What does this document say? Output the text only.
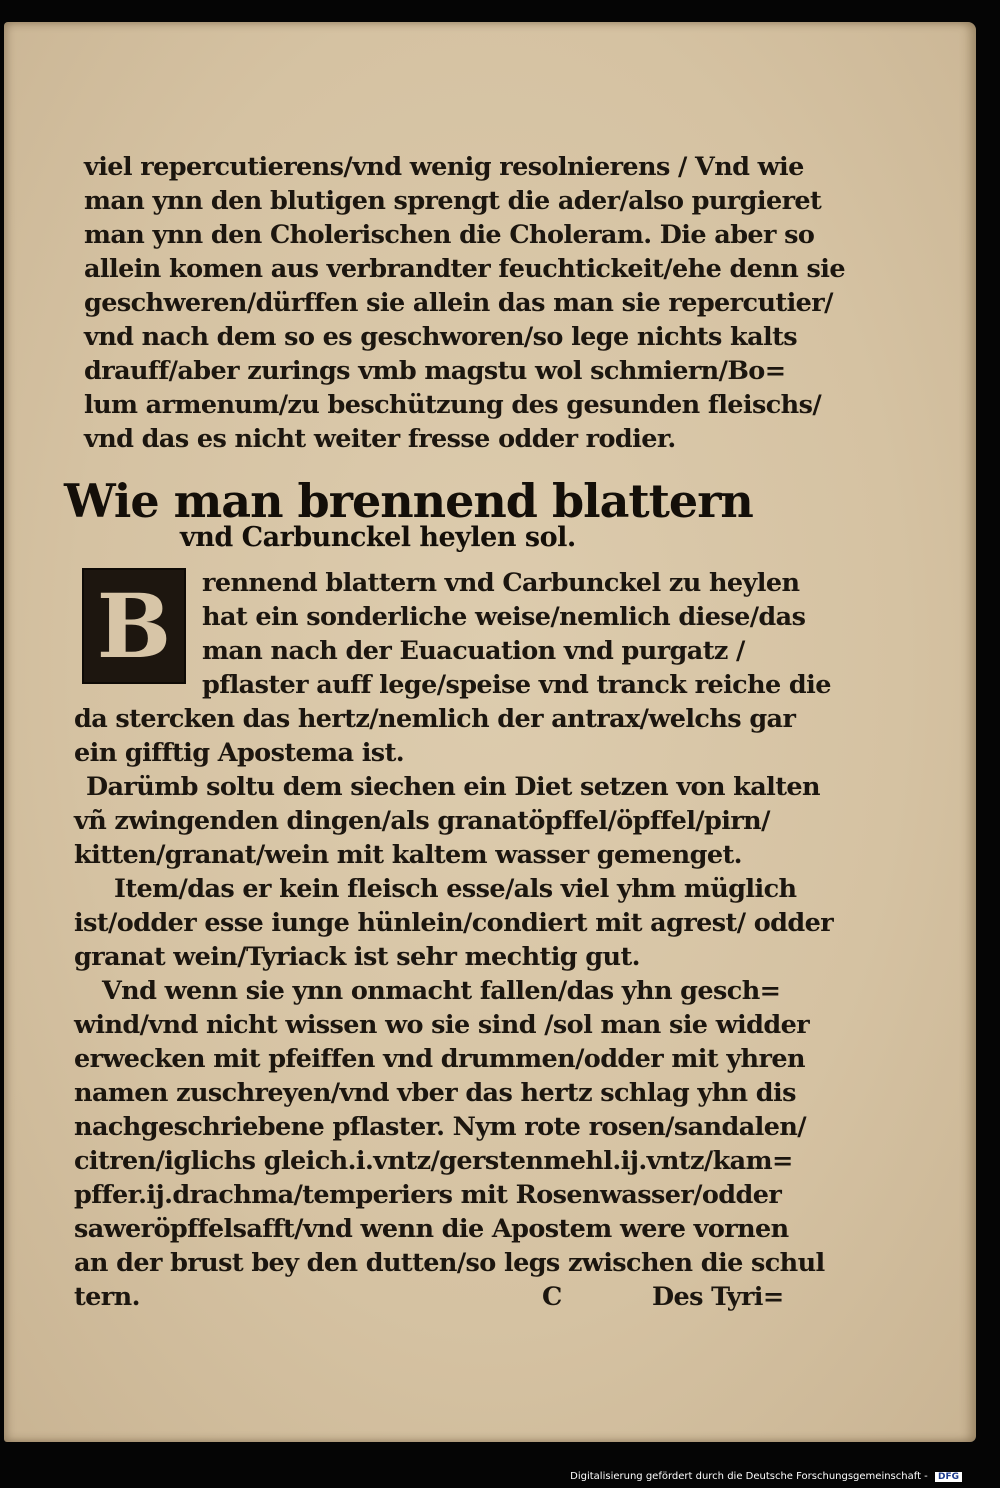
viel repercutierens/vnd wenig resolnierens / Vnd wie
man ynn den blutigen sprengt die ader/also purgieret
man ynn den Cholerischen die Choleram. Die aber so
allein komen aus verbrandter feuchtickeit/ehe denn sie
geschweren/dürffen sie allein das man sie repercutier/
vnd nach dem so es geschworen/so lege nichts kalts
drauff/aber zurings vmb magstu wol schmiern/Bo=
lum armenum/zu beschützung des gesunden fleischs/
vnd das es nicht weiter fresse odder rodier.
Wie man brennend blattern
vnd Carbunckel heylen sol.
B rennend blattern vnd Carbunckel zu heylen
hat ein sonderliche weise/nemlich diese/das
man nach der Euacuation vnd purgatz /
pflaster auff lege/speise vnd tranck reiche die
da stercken das hertz/nemlich der antrax/welchs gar
ein gifftig Apostema ist.
Darümb soltu dem siechen ein Diet setzen von kalten
vñ zwingenden dingen/als granatöpffel/öpffel/pirn/
kitten/granat/wein mit kaltem wasser gemenget.
Item/das er kein fleisch esse/als viel yhm müglich
ist/odder esse iunge hünlein/condiert mit agrest/ odder
granat wein/Tyriack ist sehr mechtig gut.
Vnd wenn sie ynn onmacht fallen/das yhn gesch=
wind/vnd nicht wissen wo sie sind /sol man sie widder
erwecken mit pfeiffen vnd drummen/odder mit yhren
namen zuschreyen/vnd vber das hertz schlag yhn dis
nachgeschriebene pflaster. Nym rote rosen/sandalen/
citren/iglichs gleich.i.vntz/gerstenmehl.ij.vntz/kam=
pffer.ij.drachma/temperiers mit Rosenwasser/odder
saweröpffelsafft/vnd wenn die Apostem were vornen
an der brust bey den dutten/so legs zwischen die schul
tern.	C	Des Tyri=
Digitalisierung gefördert durch die Deutsche Forschungsgemeinschaft - DFG
